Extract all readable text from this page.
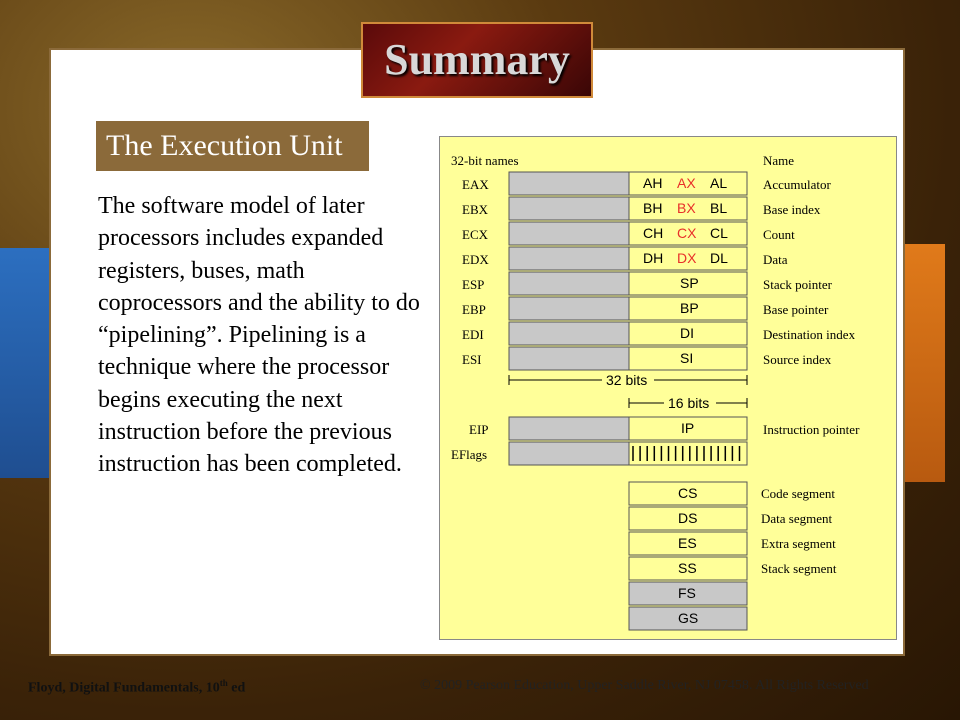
Summary
The Execution Unit
The software model of later processors includes expanded registers, buses, math coprocessors and the ability to do “pipelining”. Pipelining is a technique where the processor begins executing the next instruction before the previous instruction has been completed.
32-bit names	Name
EAX	AH AX AL	Accumulator
EBX	BH BX BL	Base index
ECX	CH CX CL	Count
EDX	DH DX DL	Data
ESP	SP	Stack pointer
EBP	BP	Base pointer
EDI	DI	Destination index
ESI	SI	Source index
32 bits
16 bits
EIP	IP	Instruction pointer
EFlags
CS	Code segment
DS	Data segment
ES	Extra segment
SS	Stack segment
FS
GS
Floyd, Digital Fundamentals, 10th ed	© 2009 Pearson Education, Upper Saddle River, NJ 07458. All Rights Reserved
